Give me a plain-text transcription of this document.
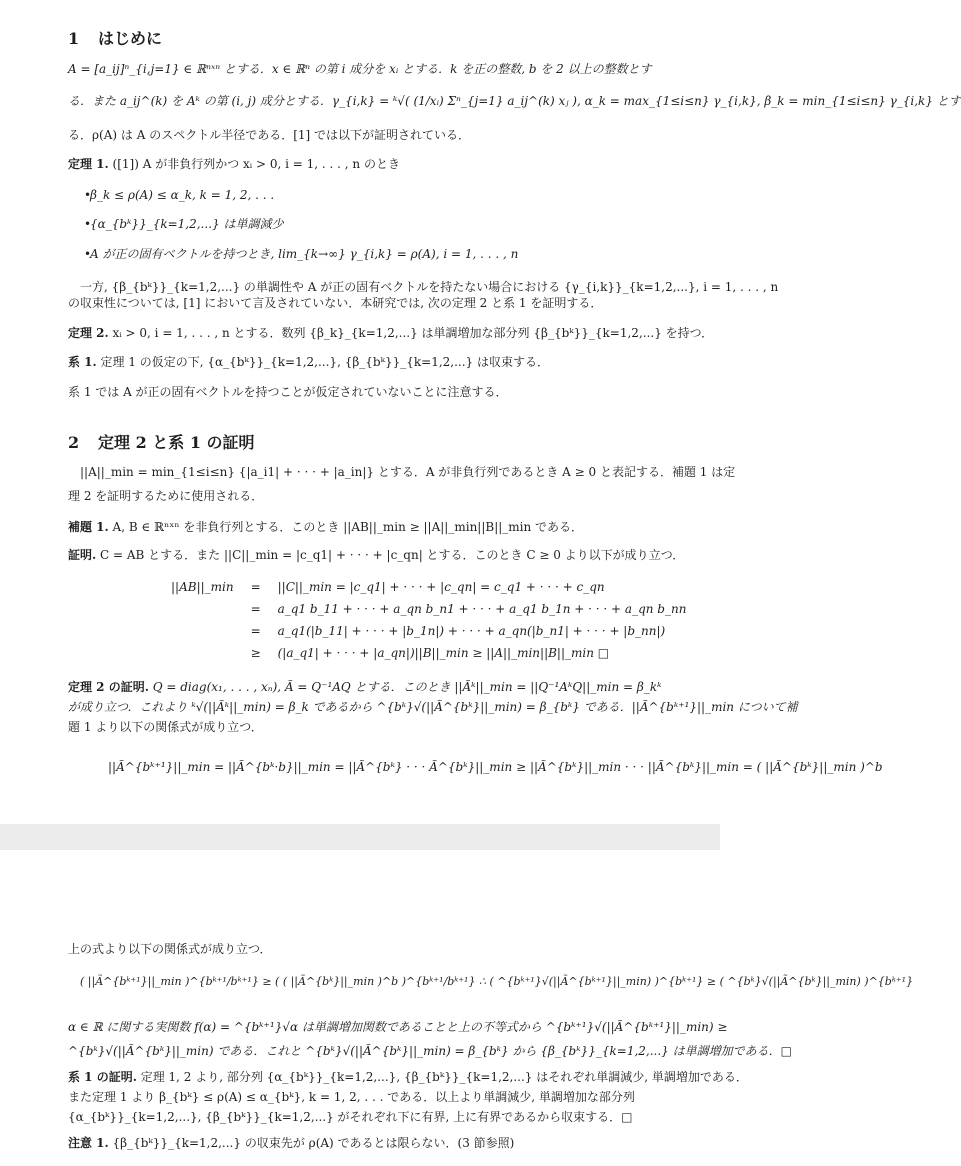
1 はじめに
A = [a_ij]ⁿ_{i,j=1} ∈ ℝⁿˣⁿ とする．x ∈ ℝⁿ の第 i 成分を xᵢ とする．k を正の整数, b を 2 以上の整数とす
る．また a_ij^(k) を Aᵏ の第 (i, j) 成分とする．γ_{i,k} = ᵏ√( (1/xᵢ) Σⁿ_{j=1} a_ij^(k) xⱼ ), α_k = max_{1≤i≤n} γ_{i,k}, β_k = min_{1≤i≤n} γ_{i,k} とす
る．ρ(A) は A のスペクトル半径である．[1] では以下が証明されている．
定理 1. ([1]) A が非負行列かつ xᵢ > 0, i = 1, . . . , n のとき
• β_k ≤ ρ(A) ≤ α_k, k = 1, 2, . . .
• {α_{bᵏ}}_{k=1,2,...} は単調減少
• A が正の固有ベクトルを持つとき, lim_{k→∞} γ_{i,k} = ρ(A), i = 1, . . . , n
一方, {β_{bᵏ}}_{k=1,2,...} の単調性や A が正の固有ベクトルを持たない場合における {γ_{i,k}}_{k=1,2,...}, i = 1, . . . , n
の収束性については, [1] において言及されていない．本研究では, 次の定理 2 と系 1 を証明する．
定理 2. xᵢ > 0, i = 1, . . . , n とする．数列 {β_k}_{k=1,2,...} は単調増加な部分列 {β_{bᵏ}}_{k=1,2,...} を持つ．
系 1. 定理 1 の仮定の下, {α_{bᵏ}}_{k=1,2,...}, {β_{bᵏ}}_{k=1,2,...} は収束する．
系 1 では A が正の固有ベクトルを持つことが仮定されていないことに注意する．
2 定理 2 と系 1 の証明
||A||_min = min_{1≤i≤n} {|a_i1| + · · · + |a_in|} とする．A が非負行列であるとき A ≥ 0 と表記する．補題 1 は定
理 2 を証明するために使用される．
補題 1. A, B ∈ ℝⁿˣⁿ を非負行列とする．このとき ||AB||_min ≥ ||A||_min||B||_min である．
証明. C = AB とする．また ||C||_min = |c_q1| + · · · + |c_qn| とする．このとき C ≥ 0 より以下が成り立つ．
||AB||_min	=	||C||_min = |c_q1| + · · · + |c_qn| = c_q1 + · · · + c_qn
	=	a_q1 b_11 + · · · + a_qn b_n1 + · · · + a_q1 b_1n + · · · + a_qn b_nn
	=	a_q1(|b_11| + · · · + |b_1n|) + · · · + a_qn(|b_n1| + · · · + |b_nn|)
	≥	(|a_q1| + · · · + |a_qn|)||B||_min ≥ ||A||_min||B||_min □
定理 2 の証明. Q = diag(x₁, . . . , xₙ), Ã = Q⁻¹AQ とする．このとき ||Ãᵏ||_min = ||Q⁻¹AᵏQ||_min = β_kᵏ
が成り立つ．これより ᵏ√(||Ãᵏ||_min) = β_k であるから ^{bᵏ}√(||Ã^{bᵏ}||_min) = β_{bᵏ} である．||Ã^{bᵏ⁺¹}||_min について補
題 1 より以下の関係式が成り立つ．
||Ã^{bᵏ⁺¹}||_min = ||Ã^{bᵏ·b}||_min = ||Ã^{bᵏ} · · · Ã^{bᵏ}||_min ≥ ||Ã^{bᵏ}||_min · · · ||Ã^{bᵏ}||_min = ( ||Ã^{bᵏ}||_min )^b
上の式より以下の関係式が成り立つ．
( ||Ã^{bᵏ⁺¹}||_min )^{bᵏ⁺¹/bᵏ⁺¹} ≥ ( ( ||Ã^{bᵏ}||_min )^b )^{bᵏ⁺¹/bᵏ⁺¹} ∴ ( ^{bᵏ⁺¹}√(||Ã^{bᵏ⁺¹}||_min) )^{bᵏ⁺¹} ≥ ( ^{bᵏ}√(||Ã^{bᵏ}||_min) )^{bᵏ⁺¹}
α ∈ ℝ に関する実関数 f(α) = ^{bᵏ⁺¹}√α は単調増加関数であることと上の不等式から ^{bᵏ⁺¹}√(||Ã^{bᵏ⁺¹}||_min) ≥
^{bᵏ}√(||Ã^{bᵏ}||_min) である．これと ^{bᵏ}√(||Ã^{bᵏ}||_min) = β_{bᵏ} から {β_{bᵏ}}_{k=1,2,...} は単調増加である．□
系 1 の証明. 定理 1, 2 より, 部分列 {α_{bᵏ}}_{k=1,2,...}, {β_{bᵏ}}_{k=1,2,...} はそれぞれ単調減少, 単調増加である．
また定理 1 より β_{bᵏ} ≤ ρ(A) ≤ α_{bᵏ}, k = 1, 2, . . . である．以上より単調減少, 単調増加な部分列
{α_{bᵏ}}_{k=1,2,...}, {β_{bᵏ}}_{k=1,2,...} がそれぞれ下に有界, 上に有界であるから収束する．□
注意 1. {β_{bᵏ}}_{k=1,2,...} の収束先が ρ(A) であるとは限らない．(3 節参照)
